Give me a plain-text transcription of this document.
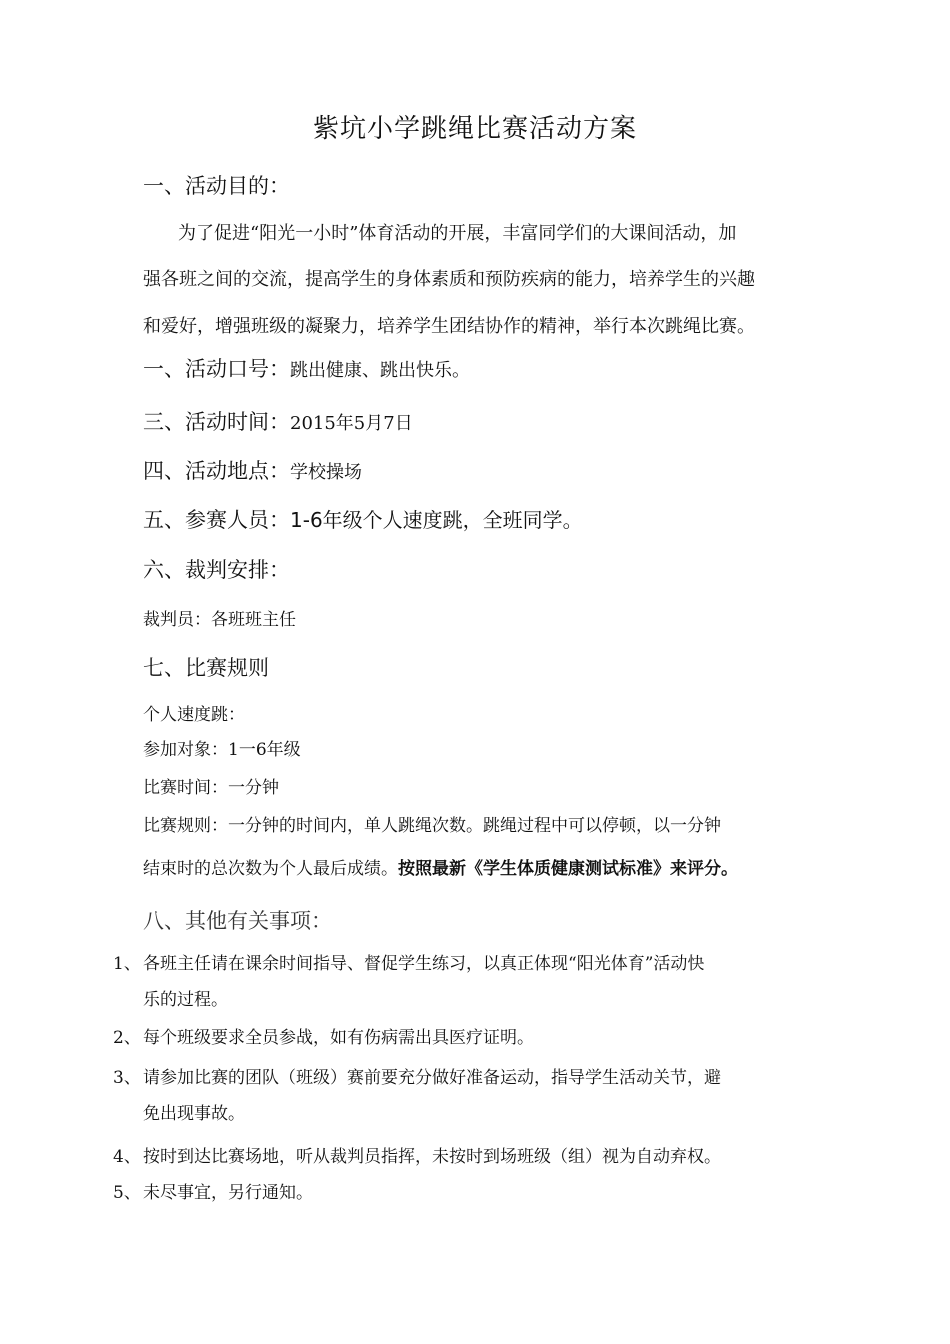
紫坑小学跳绳比赛活动方案
一、活动目的：
为了促进“阳光一小时”体育活动的开展，丰富同学们的大课间活动，加
强各班之间的交流，提高学生的身体素质和预防疾病的能力，培养学生的兴趣
和爱好，增强班级的凝聚力，培养学生团结协作的精神，举行本次跳绳比赛。
一、活动口号：跳出健康、跳出快乐。
三、活动时间：2015年5月7日
四、活动地点：学校操场
五、参赛人员：1-6年级个人速度跳，全班同学。
六、裁判安排：
裁判员：各班班主任
七、比赛规则
个人速度跳：
参加对象：1一6年级
比赛时间：一分钟
比赛规则：一分钟的时间内，单人跳绳次数。跳绳过程中可以停顿，以一分钟
结束时的总次数为个人最后成绩。按照最新《学生体质健康测试标准》来评分。
八、其他有关事项：
1、 各班主任请在课余时间指导、督促学生练习，以真正体现“阳光体育”活动快
乐的过程。
2、 每个班级要求全员参战，如有伤病需出具医疗证明。
3、 请参加比赛的团队（班级）赛前要充分做好准备运动，指导学生活动关节，避
免出现事故。
4、 按时到达比赛场地，听从裁判员指挥，未按时到场班级（组）视为自动弃权。
5、 未尽事宜，另行通知。
